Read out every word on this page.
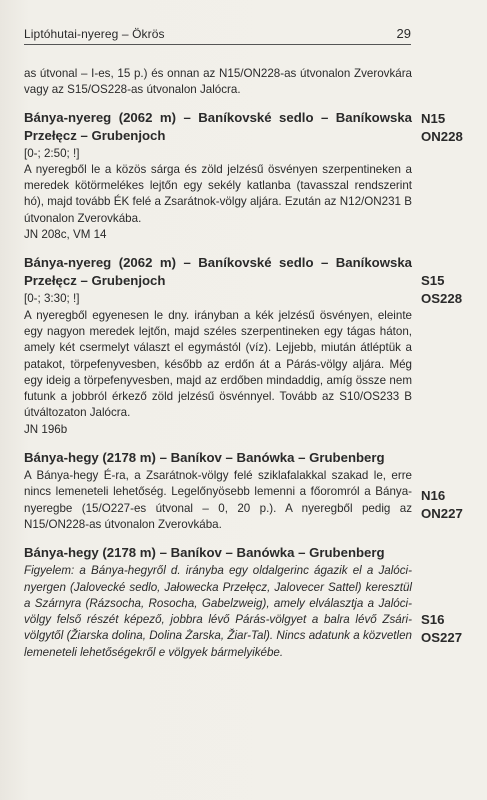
Liptóhutai-nyereg – Ökrös	29

as útvonal – I-es, 15 p.) és onnan az N15/ON228-as útvonalon Zverovkára vagy az S15/OS228-as útvonalon Jalócra.

Bánya-nyereg (2062 m) – Baníkovské sedlo – Baníkowska Przełęcz – Grubenjoch

[0-; 2:50; !]

A nyeregből le a közös sárga és zöld jelzésű ösvényen szerpentineken a meredek kötörmelékes lejtőn egy sekély katlanba (tavasszal rendszerint hó), majd tovább ÉK felé a Zsarátnok-völgy aljára. Ezután az N12/ON231 B útvonalon Zverovkába.

JN 208c, VM 14

Bánya-nyereg (2062 m) – Baníkovské sedlo – Baníkowska Przełęcz – Grubenjoch

[0-; 3:30; !]

A nyeregből egyenesen le dny. irányban a kék jelzésű ösvényen, eleinte egy nagyon meredek lejtőn, majd széles szerpentineken egy tágas háton, amely két csermelyt választ el egymástól (víz). Lejjebb, miután átléptük a patakot, törpefenyvesben, később az erdőn át a Párás-völgy aljára. Még egy ideig a törpefenyvesben, majd az erdőben mindaddig, amíg össze nem futunk a jobbról érkező zöld jelzésű ösvénnyel. Tovább az S10/OS233 B útváltozaton Jalócra.

JN 196b

Bánya-hegy (2178 m) – Baníkov – Banówka – Grubenberg

A Bánya-hegy É-ra, a Zsarátnok-völgy felé sziklafalakkal szakad le, erre nincs lemeneteli lehetőség. Legelőnyösebb lemenni a főoromról a Bánya-nyeregbe (15/O227-es útvonal – 0, 20 p.). A nyeregből pedig az N15/ON228-as útvonalon Zverovkába.

Bánya-hegy (2178 m) – Baníkov – Banówka – Grubenberg

Figyelem: a Bánya-hegyről d. irányba egy oldalgerinc ágazik el a Jalóci-nyergen (Jalovecké sedlo, Jałowecka Przełęcz, Jalovecer Sattel) keresztül a Szárnyra (Rázsocha, Rosocha, Gabelzweig), amely elválasztja a Jalóci-völgy felső részét képező, jobbra lévő Párás-völgyet a balra lévő Zsári-völgytől (Žiarska dolina, Dolina Żarska, Žiar-Tal). Nincs adatunk a közvetlen lemeneteli lehetőségekről e völgyek bármelyikébe.

N15
ON228
S15
OS228
N16
ON227
S16
OS227
